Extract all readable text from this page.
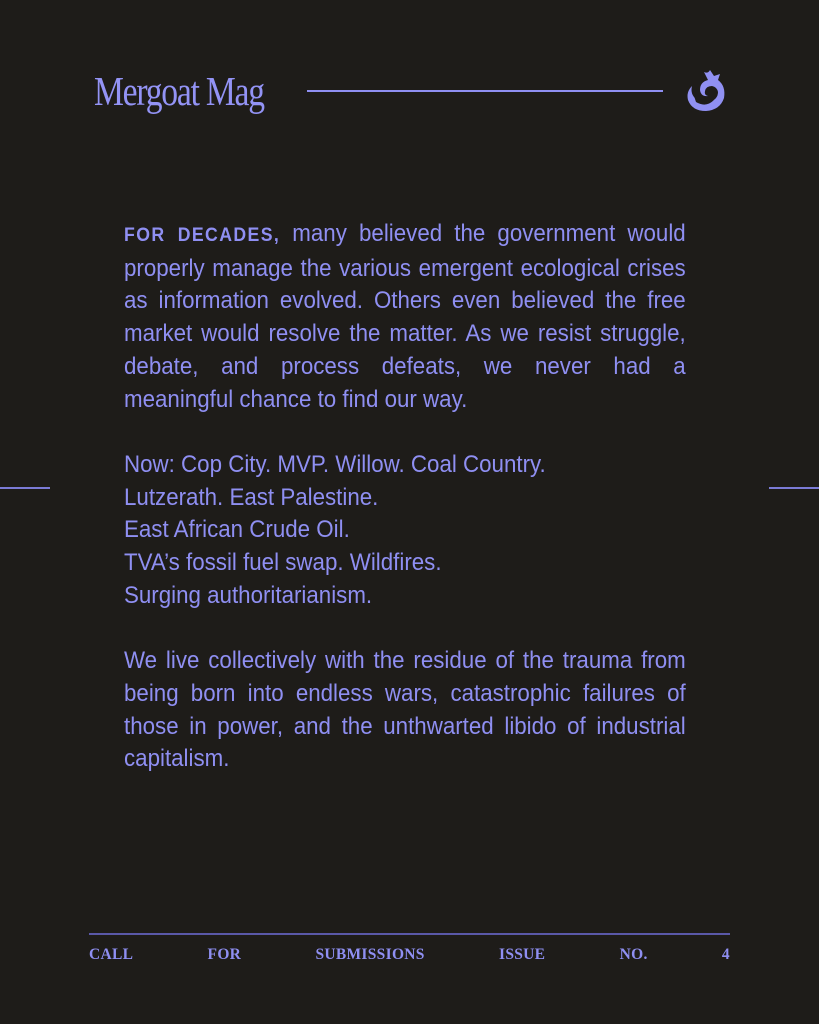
Mergoat Mag

FOR DECADES, many believed the government would properly manage the various emergent ecological crises as information evolved. Others even believed the free market would resolve the matter. As we resist struggle, debate, and process defeats, we never had a meaningful chance to find our way.

Now: Cop City. MVP. Willow. Coal Country.
Lutzerath. East Palestine.
East African Crude Oil.
TVA’s fossil fuel swap. Wildfires.
Surging authoritarianism.

We live collectively with the residue of the trauma from being born into endless wars, catastrophic failures of those in power, and the unthwarted libido of industrial capitalism.

CALL	FOR	SUBMISSIONS	ISSUE	NO.	4
